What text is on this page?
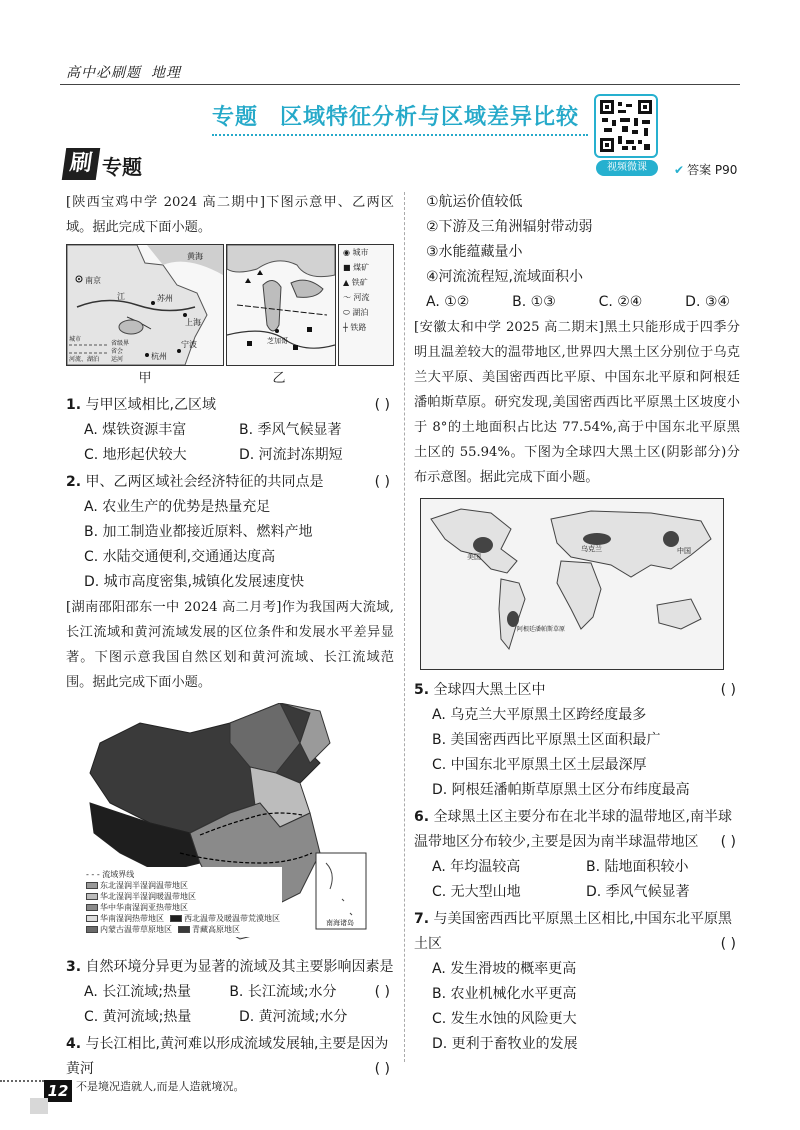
高中必刷题 地理
专题 区域特征分析与区域差异比较
视频微课
刷 专题	✔ 答案 P90

[陕西宝鸡中学 2024 高二期中]下图示意甲、乙两区域。据此完成下面小题。

南京
苏州
上海
杭州
宁波
黄海
江
省级界
省会
城市
河流、湖泊 运河
芝加哥
◉ 城市
■ 煤矿
▲ 铁矿
～ 河流
⬭ 湖泊
┼ 铁路
甲	乙
1. 与甲区域相比,乙区域	( )
A. 煤铁资源丰富	B. 季风气候显著
C. 地形起伏较大	D. 河流封冻期短
2. 甲、乙两区域社会经济特征的共同点是	( )
A. 农业生产的优势是热量充足
B. 加工制造业都接近原料、燃料产地
C. 水陆交通便利,交通通达度高
D. 城市高度密集,城镇化发展速度快

[湖南邵阳邵东一中 2024 高二月考]作为我国两大流域,长江流域和黄河流域发展的区位条件和发展水平差异显著。下图示意我国自然区划和黄河流域、长江流域范围。据此完成下面小题。

南海诸岛
- - - 流域界线
东北湿润半湿润温带地区
华北湿润半湿润暖温带地区
华中华南湿润亚热带地区
华南湿润热带地区	西北温带及暖温带荒漠地区
内蒙古温带草原地区	青藏高原地区
3. 自然环境分异更为显著的流域及其主要影响因素是
( )
A. 长江流域;热量	B. 长江流域;水分
C. 黄河流域;热量	D. 黄河流域;水分
4. 与长江相比,黄河难以形成流域发展轴,主要是因为黄河	( )
①航运价值较低
②下游及三角洲辐射带动弱
③水能蕴藏量小
④河流流程短,流域面积小
A. ①②	B. ①③	C. ②④	D. ③④

[安徽太和中学 2025 高二期末]黑土只能形成于四季分明且温差较大的温带地区,世界四大黑土区分别位于乌克兰大平原、美国密西西比平原、中国东北平原和阿根廷潘帕斯草原。研究发现,美国密西西比平原黑土区坡度小于 8°的土地面积占比达 77.54%,高于中国东北平原黑土区的 55.94%。下图为全球四大黑土区(阴影部分)分布示意图。据此完成下面小题。

乌克兰
美国
中国
阿根廷潘帕斯草原
5. 全球四大黑土区中	( )
A. 乌克兰大平原黑土区跨经度最多
B. 美国密西西比平原黑土区面积最广
C. 中国东北平原黑土区土层最深厚
D. 阿根廷潘帕斯草原黑土区分布纬度最高
6. 全球黑土区主要分布在北半球的温带地区,南半球温带地区分布较少,主要是因为南半球温带地区 ( )
A. 年均温较高	B. 陆地面积较小
C. 无大型山地	D. 季风气候显著
7. 与美国密西西比平原黑土区相比,中国东北平原黑土区	( )
A. 发生滑坡的概率更高
B. 农业机械化水平更高
C. 发生水蚀的风险更大
D. 更利于畜牧业的发展
12 不是境况造就人,而是人造就境况。
